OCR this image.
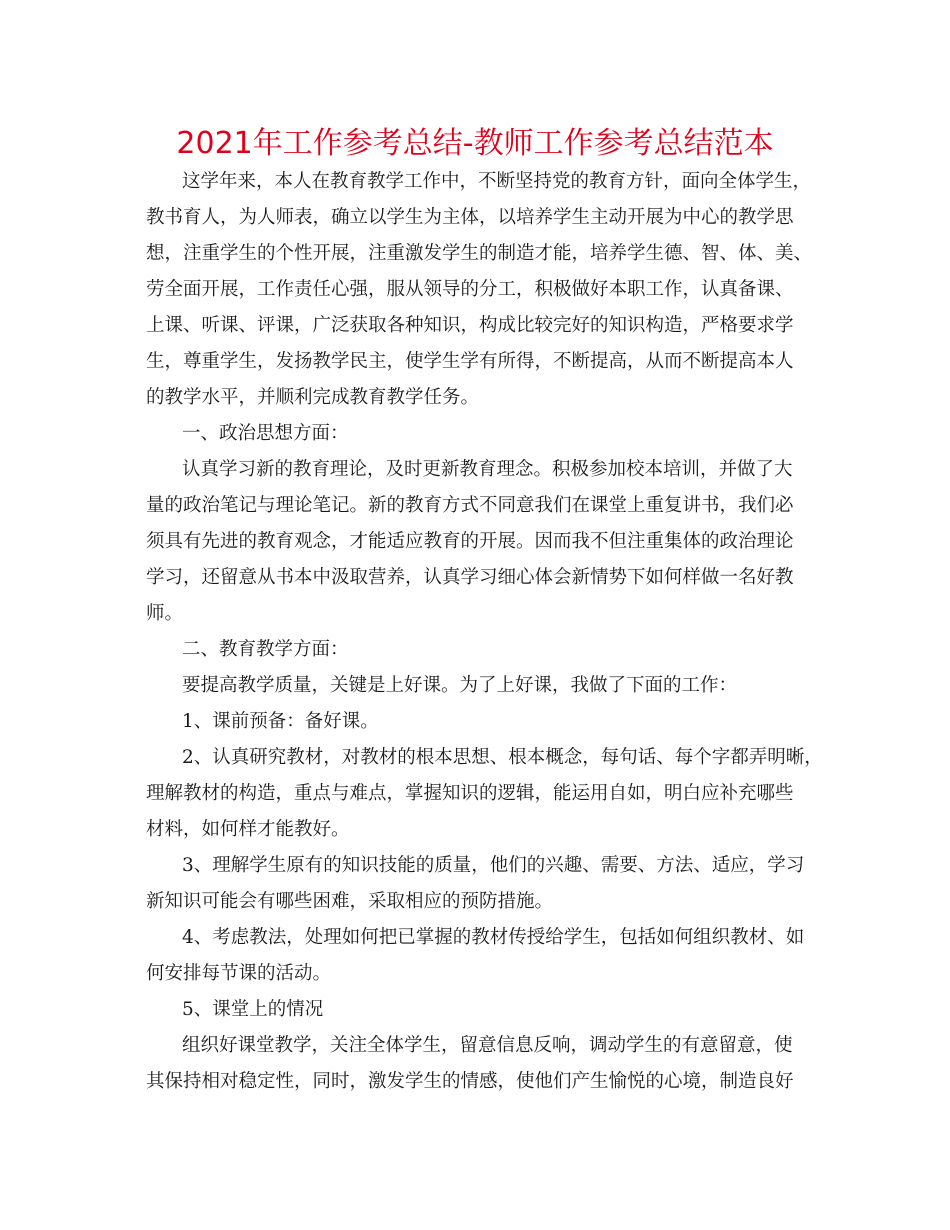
2021年工作参考总结-教师工作参考总结范本
这学年来，本人在教育教学工作中，不断坚持党的教育方针，面向全体学生，
教书育人，为人师表，确立以学生为主体，以培养学生主动开展为中心的教学思
想，注重学生的个性开展，注重激发学生的制造才能，培养学生德、智、体、美、
劳全面开展，工作责任心强，服从领导的分工，积极做好本职工作，认真备课、
上课、听课、评课，广泛获取各种知识，构成比较完好的知识构造，严格要求学
生，尊重学生，发扬教学民主，使学生学有所得，不断提高，从而不断提高本人
的教学水平，并顺利完成教育教学任务。
一、政治思想方面：
认真学习新的教育理论，及时更新教育理念。积极参加校本培训，并做了大
量的政治笔记与理论笔记。新的教育方式不同意我们在课堂上重复讲书，我们必
须具有先进的教育观念，才能适应教育的开展。因而我不但注重集体的政治理论
学习，还留意从书本中汲取营养，认真学习细心体会新情势下如何样做一名好教
师。
二、教育教学方面：
要提高教学质量，关键是上好课。为了上好课，我做了下面的工作：
1、课前预备：备好课。
2、认真研究教材，对教材的根本思想、根本概念，每句话、每个字都弄明晰，
理解教材的构造，重点与难点，掌握知识的逻辑，能运用自如，明白应补充哪些
材料，如何样才能教好。
3、理解学生原有的知识技能的质量，他们的兴趣、需要、方法、适应，学习
新知识可能会有哪些困难，采取相应的预防措施。
4、考虑教法，处理如何把已掌握的教材传授给学生，包括如何组织教材、如
何安排每节课的活动。
5、课堂上的情况
组织好课堂教学，关注全体学生，留意信息反响，调动学生的有意留意，使
其保持相对稳定性，同时，激发学生的情感，使他们产生愉悦的心境，制造良好
